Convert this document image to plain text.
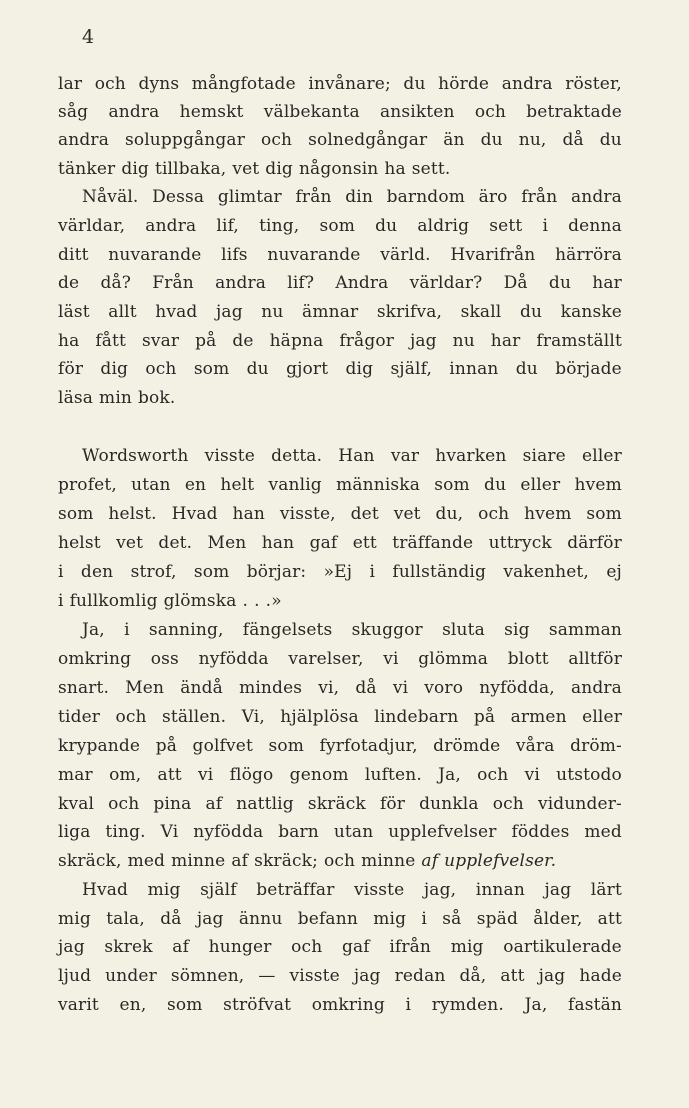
4
lar och dyns mångfotade invånare; du hörde andra röster,
såg andra hemskt välbekanta ansikten och betraktade
andra soluppgångar och solnedgångar än du nu, då du
tänker dig tillbaka, vet dig någonsin ha sett.
Nåväl. Dessa glimtar från din barndom äro från andra
världar, andra lif, ting, som du aldrig sett i denna
ditt nuvarande lifs nuvarande värld. Hvarifrån härröra
de då? Från andra lif? Andra världar? Då du har
läst allt hvad jag nu ämnar skrifva, skall du kanske
ha fått svar på de häpna frågor jag nu har framställt
för dig och som du gjort dig själf, innan du började
läsa min bok.
Wordsworth visste detta. Han var hvarken siare eller
profet, utan en helt vanlig människa som du eller hvem
som helst. Hvad han visste, det vet du, och hvem som
helst vet det. Men han gaf ett träffande uttryck därför
i den strof, som börjar: »Ej i fullständig vakenhet, ej
i fullkomlig glömska . . .»
Ja, i sanning, fängelsets skuggor sluta sig samman
omkring oss nyfödda varelser, vi glömma blott alltför
snart. Men ändå mindes vi, då vi voro nyfödda, andra
tider och ställen. Vi, hjälplösa lindebarn på armen eller
krypande på golfvet som fyrfotadjur, drömde våra dröm-
mar om, att vi flögo genom luften. Ja, och vi utstodo
kval och pina af nattlig skräck för dunkla och vidunder-
liga ting. Vi nyfödda barn utan upplefvelser föddes med
skräck, med minne af skräck; och minne af upplefvelser.
Hvad mig själf beträffar visste jag, innan jag lärt
mig tala, då jag ännu befann mig i så späd ålder, att
jag skrek af hunger och gaf ifrån mig oartikulerade
ljud under sömnen, — visste jag redan då, att jag hade
varit en, som ströfvat omkring i rymden. Ja, fastän
